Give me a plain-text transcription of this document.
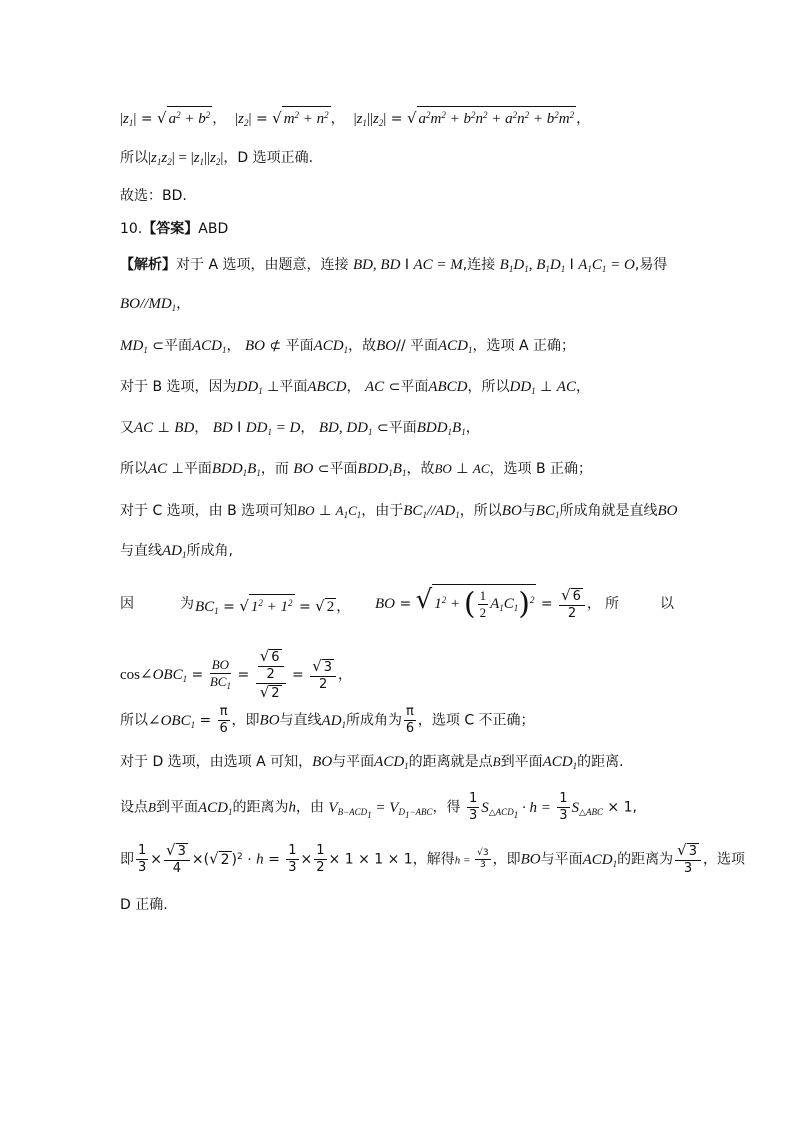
$|z_1|$ = √ $a^2 + b^2$ ， $|z_2|$ = √ $m^2 + n^2$ ， $|z_1||z_2|$ = √ $a^2m^2 + b^2n^2 + a^2n^2 + b^2m^2$ ，
所以$|z_1z_2| = |z_1||z_2|$，D 选项正确.
故选：BD.
10.【答案】ABD
【解析】对于 A 选项，由题意，连接 BD, BD I AC = M,连接 $B_1D_1$, $B_1D_1$ I $A_1C_1 = O$,易得
$BO//MD_1$，
$MD_1$ ⊂平面$ACD_1$， BO ⊄ 平面$ACD_1$，故BO// 平面$ACD_1$，选项 A 正确；
对于 B 选项，因为$DD_1$ ⊥平面ABCD， AC ⊂平面ABCD，所以$DD_1$ ⊥ AC，
又AC ⊥ BD， BD I $DD_1 = D$， BD, $DD_1$ ⊂平面$BDD_1B_1$，
所以AC ⊥平面$BDD_1B_1$，而 BO ⊂平面$BDD_1B_1$，故BO ⊥ AC，选项 B 正确；
对于 C 选项，由 B 选项可知BO ⊥ $A_1C_1$，由于$BC_1//AD_1$，所以BO与$BC_1$所成角就是直线BO
与直线$AD_1$所成角,
因	为 $BC_1$ = √ $1^2 + 1^2$ = √ 2 ， BO = √ $1^2$ + ( $\frac{1}{2} A_1C_1)^2 = \frac{√ 6}{2}$ ， 所	以
$\cos\angle OBC_1 = \frac{BO}{BC_1} = \frac{\frac{√ 6}{2}}{√ 2} = \frac{√ 3}{2}$ ，
所以$\angle OBC_1 = \frac{\pi}{6}$ ，即BO与直线$AD_1$所成角为 $\frac{\pi}{6}$ ，选项 C 不正确；
对于 D 选项，由选项 A 可知，BO与平面$ACD_1$的距离就是点B到平面$ACD_1$的距离.
设点B到平面$ACD_1$的距离为h，由 $V_{B-ACD_1} = V_{D_1-ABC}$，得 $\frac{1}{3} S_{\triangle ACD_1} \cdot h = \frac{1}{3} S_{\triangle ABC} \times 1$,
即 $\frac{1}{3} \times \frac{√ 3}{4}$ ×(√ 2 )$^2 \cdot h = \frac{1}{3} \times \frac{1}{2} \times 1 \times 1 \times 1$，解得$h = \frac{√3}{3}$ ，即BO与平面$ACD_1$的距离为 $\frac{√ 3}{3}$ ，选项
D 正确.
